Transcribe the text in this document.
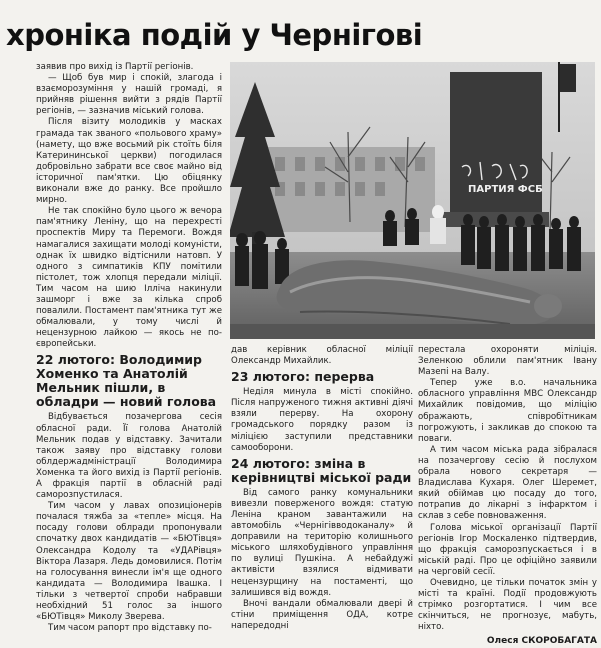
хроніка подій у Чернігові

заявив про вихід із Партії регіонів.

— Щоб був мир і спокій, злагода і взаєморозуміння у нашій громаді, я прийняв рішення вийти з рядів Партії регіонів, — зазначив міський голова.

Після візиту молодиків у масках грамада так званого «польового храму» (намету, що вже восьмий рік стоїть біля Катерининської церкви) погодилася добровільно забрати все своє майно від історичної пам'ятки. Цю обіцянку виконали вже до ранку. Все пройшло мирно.

Не так спокійно було цього ж вечора пам'ятнику Леніну, що на перехресті проспектів Миру та Перемоги. Вождя намагалися захищати молоді комуністи, однак їх швидко відтіснили натовп. У одного з симпатиків КПУ помітили пістолет, тож хлопця передали міліції. Тим часом на шию Ілліча накинули зашморг і вже за кілька спроб повалили. Постамент пам'ятника тут же обмалювали, у тому числі й нецензурною лайкою — якось не по-європейськи.

22 лютого: Володимир Хоменко та Анатолій Мельник пішли, в обладри — новий голова

Відбувається позачергова сесія обласної ради. Її голова Анатолій Мельник подав у відставку. Зачитали також заяву про відставку голови облдержадміністрації Володимира Хоменка та його вихід із Партії регіонів. А фракція партії в обласній раді саморозпустилася.

Тим часом у лавах опозиціонерів почалася тяжба за «тепле» місця. На посаду голови облради пропонували спочатку двох кандидатів — «БЮТівця» Олександра Кодолу та «УДАРівця» Віктора Лазаря. Ледь домовилися. Потім на голосування винесли ім'я ще одного кандидата — Володимира Івашка. І тільки з четвертої спроби набравши необхідний 51 голос за іншого «БЮТівця» Миколу Зверева.

Тим часом рапорт про відставку по-

ПАРТИЯ ФСБ

дав керівник обласної міліції Олександр Михайлик.

23 лютого: перерва

Неділя минула в місті спокійно. Після напруженого тижня активні діячі взяли перерву. На охорону громадського порядку разом із міліцією заступили представники самооборони.

24 лютого: зміна в керівництві міської ради

Від самого ранку комунальники вивезли поверженого вождя: статую Леніна краном завантажили на автомобіль «Чернігівводоканалу» й доправили на територію колишнього міського шляхобудівного управління по вулиці Пушкіна. А небайдужі активісти взялися відмивати нецензурщину на постаменті, що залишився від вождя.

Вночі вандали обмалювали двері й стіни приміщення ОДА, котре напередодні

перестала охороняти міліція. Зеленкою облили пам'ятник Івану Мазепі на Валу.

Тепер уже в.о. начальника обласного управління МВС Олександр Михайлик повідомив, що міліцію ображають, співробітникам погрожують, і закликав до спокою та поваги.

А тим часом міська рада зібралася на позачергову сесію й послухом обрала нового секретаря — Владислава Кухаря. Олег Шеремет, який обіймав цю посаду до того, потрапив до лікарні з інфарктом і склав з себе повноваження.

Голова міської організації Партії регіонів Ігор Москаленко підтвердив, що фракція саморозпускається і в міській раді. Про це офіційно заявили на черговій сесії.

Очевидно, це тільки початок змін у місті та країні. Події продовжують стрімко розгортатися. І чим все скінчиться, не прогнозує, мабуть, ніхто.

Олеся СКОРОБАГАТА
